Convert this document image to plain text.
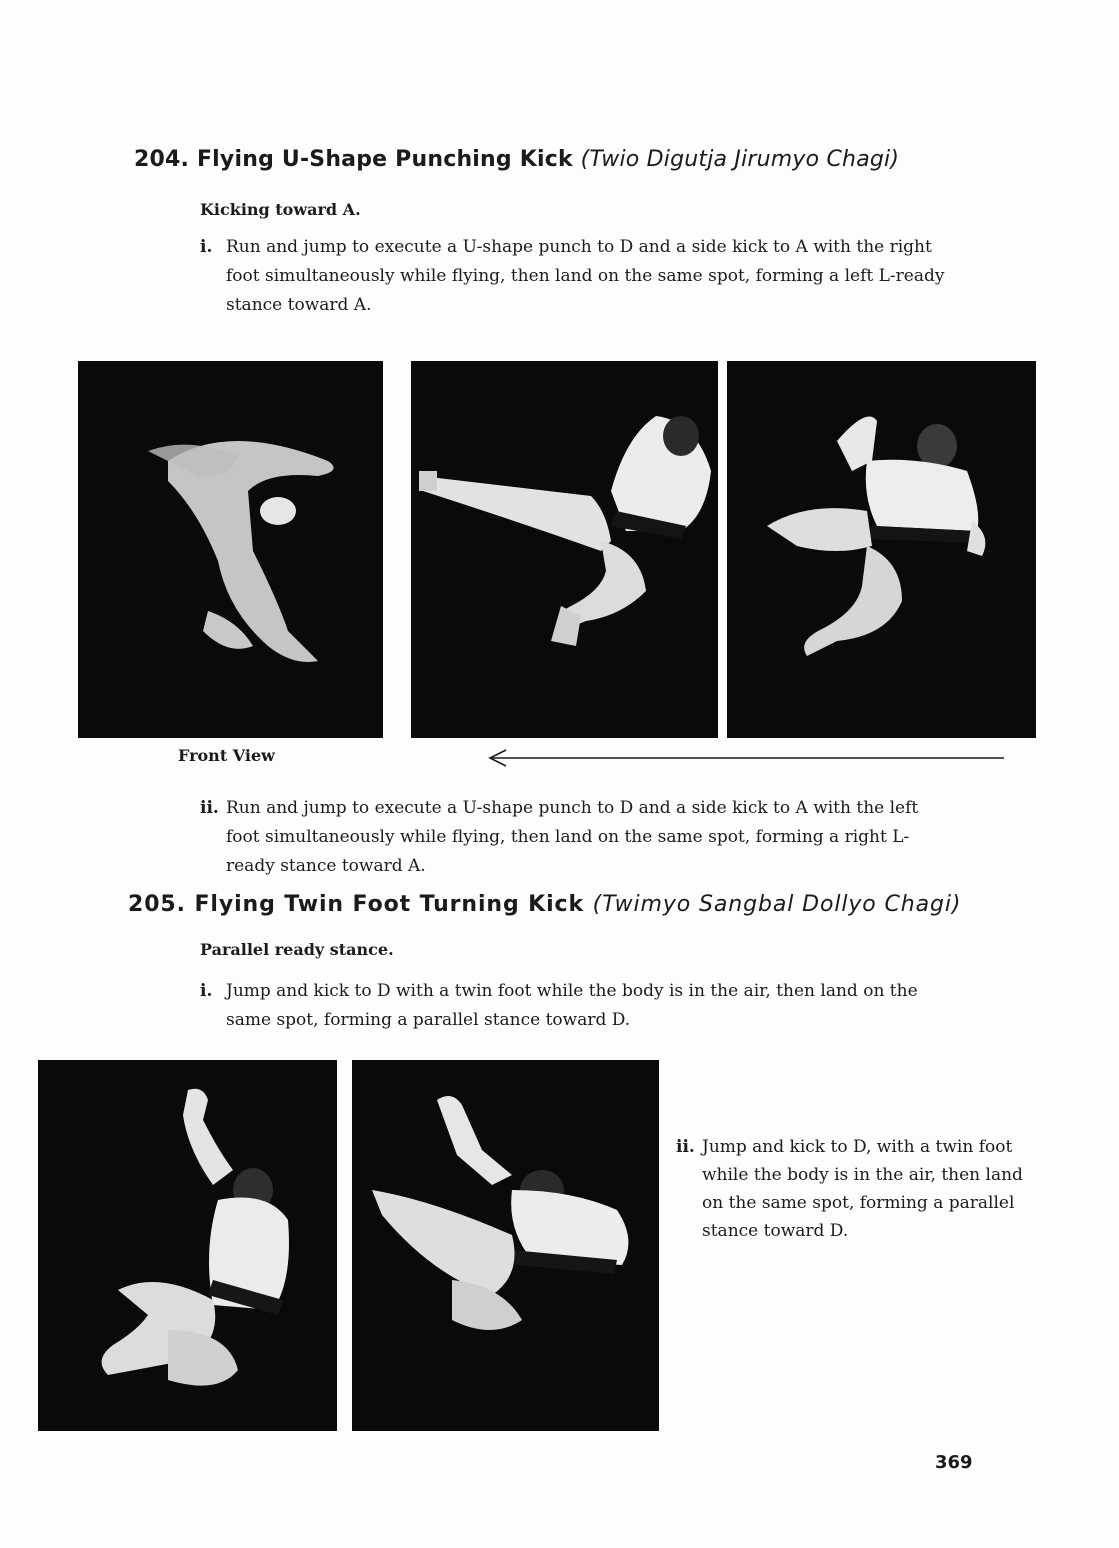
204. Flying U-Shape Punching Kick (Twio Digutja Jirumyo Chagi)
Kicking toward A.
i. Run and jump to execute a U-shape punch to D and a side kick to A with the right foot simultaneously while flying, then land on the same spot, forming a left L-ready stance toward A.
Front View
ii. Run and jump to execute a U-shape punch to D and a side kick to A with the left foot simultaneously while flying, then land on the same spot, forming a right L-ready stance toward A.
205. Flying Twin Foot Turning Kick (Twimyo Sangbal Dollyo Chagi)
Parallel ready stance.
i. Jump and kick to D with a twin foot while the body is in the air, then land on the same spot, forming a parallel stance toward D.
ii. Jump and kick to D, with a twin foot while the body is in the air, then land on the same spot, forming a parallel stance toward D.
369
